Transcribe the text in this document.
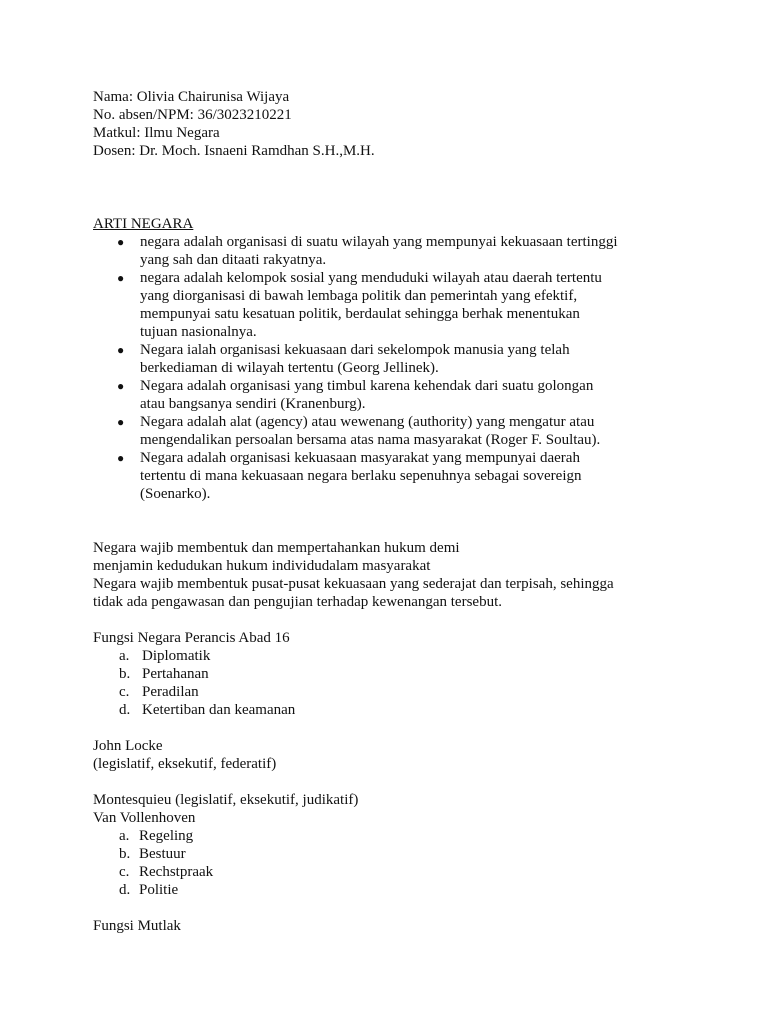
Nama: Olivia Chairunisa Wijaya
No. absen/NPM: 36/3023210221
Matkul: Ilmu Negara
Dosen: Dr. Moch. Isnaeni Ramdhan S.H.,M.H.
ARTI NEGARA
● negara adalah organisasi di suatu wilayah yang mempunyai kekuasaan tertinggi
yang sah dan ditaati rakyatnya.
● negara adalah kelompok sosial yang menduduki wilayah atau daerah tertentu
yang diorganisasi di bawah lembaga politik dan pemerintah yang efektif,
mempunyai satu kesatuan politik, berdaulat sehingga berhak menentukan
tujuan nasionalnya.
● Negara ialah organisasi kekuasaan dari sekelompok manusia yang telah
berkediaman di wilayah tertentu (Georg Jellinek).
● Negara adalah organisasi yang timbul karena kehendak dari suatu golongan
atau bangsanya sendiri (Kranenburg).
● Negara adalah alat (agency) atau wewenang (authority) yang mengatur atau
mengendalikan persoalan bersama atas nama masyarakat (Roger F. Soultau).
● Negara adalah organisasi kekuasaan masyarakat yang mempunyai daerah
tertentu di mana kekuasaan negara berlaku sepenuhnya sebagai sovereign
(Soenarko).
Negara wajib membentuk dan mempertahankan hukum demi
menjamin kedudukan hukum individudalam masyarakat
Negara wajib membentuk pusat-pusat kekuasaan yang sederajat dan terpisah, sehingga
tidak ada pengawasan dan pengujian terhadap kewenangan tersebut.
Fungsi Negara Perancis Abad 16
a. Diplomatik
b. Pertahanan
c. Peradilan
d. Ketertiban dan keamanan
John Locke
(legislatif, eksekutif, federatif)
Montesquieu (legislatif, eksekutif, judikatif)
Van Vollenhoven
a. Regeling
b. Bestuur
c. Rechstpraak
d. Politie
Fungsi Mutlak
